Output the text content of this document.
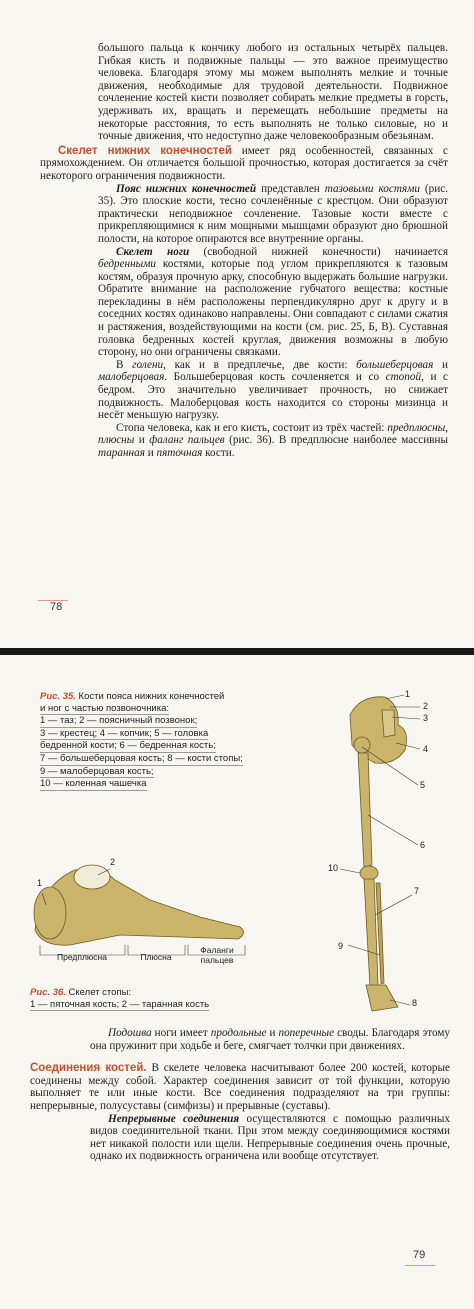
большого пальца к кончику любого из остальных четырёх пальцев. Гибкая кисть и подвижные пальцы — это важное преимущество человека. Благодаря этому мы можем выполнять мелкие и точные движения, необходимые для трудовой деятельности. Подвижное сочленение костей кисти позволяет собирать мелкие предметы в горсть, удерживать их, вращать и перемещать небольшие предметы на некоторые расстояния, то есть выполнять не только силовые, но и точные движения, что недоступно даже человекообразным обезьянам.

Скелет нижних конечностей имеет ряд особенностей, связанных с прямохождением. Он отличается большой прочностью, которая достигается за счёт некоторого ограничения подвижности.

Пояс нижних конечностей представлен тазовыми костями (рис. 35). Это плоские кости, тесно сочленённые с крестцом. Они образуют практически неподвижное сочленение. Тазовые кости вместе с прикрепляющимися к ним мощными мышцами образуют дно брюшной полости, на которое опираются все внутренние органы.

Скелет ноги (свободной нижней конечности) начинается бедренными костями, которые под углом прикрепляются к тазовым костям, образуя прочную арку, способную выдержать большие нагрузки. Обратите внимание на расположение губчатого вещества: костные перекладины в нём расположены перпендикулярно друг к другу и в соседних костях одинаково направлены. Они совпадают с силами сжатия и растяжения, воздействующими на кости (см. рис. 25, Б, В). Суставная головка бедренных костей круглая, движения возможны в любую сторону, но они ограничены связками.

В голени, как и в предплечье, две кости: большеберцовая и малоберцовая. Большеберцовая кость сочленяется и со стопой, и с бедром. Это значительно увеличивает прочность, но снижает подвижность. Малоберцовая кость находится со стороны мизинца и несёт меньшую нагрузку.

Стопа человека, как и его кисть, состоит из трёх частей: предплюсны, плюсны и фаланг пальцев (рис. 36). В предплюсне наиболее массивны таранная и пяточная кости.

78
Рис. 35. Кости пояса нижних конечностей
и ног с частью позвоночника:
1 — таз; 2 — поясничный позвонок;
3 — крестец; 4 — копчик; 5 — головка
бедренной кости; 6 — бедренная кость;
7 — большеберцовая кость; 8 — кости стопы;
9 — малоберцовая кость;
10 — коленная чашечка
1
2
3
4
5
6
7
8
9
10
1
2
Предплюсна	Плюсна
Фаланги пальцев
Рис. 36. Скелет стопы:
1 — пяточная кость; 2 — таранная кость

Подошва ноги имеет продольные и поперечные своды. Благодаря этому она пружинит при ходьбе и беге, смягчает толчки при движениях.

Соединения костей. В скелете человека насчитывают более 200 костей, которые соединены между собой. Характер соединения зависит от той функции, которую выполняет те или иные кости. Все соединения подразделяют на три группы: непрерывные, полусуставы (симфизы) и прерывные (суставы).

Непрерывные соединения осуществляются с помощью различных видов соединительной ткани. При этом между соединяющимися костями нет никакой полости или щели. Непрерывные соединения очень прочные, однако их подвижность ограничена или вообще отсутствует.

79
